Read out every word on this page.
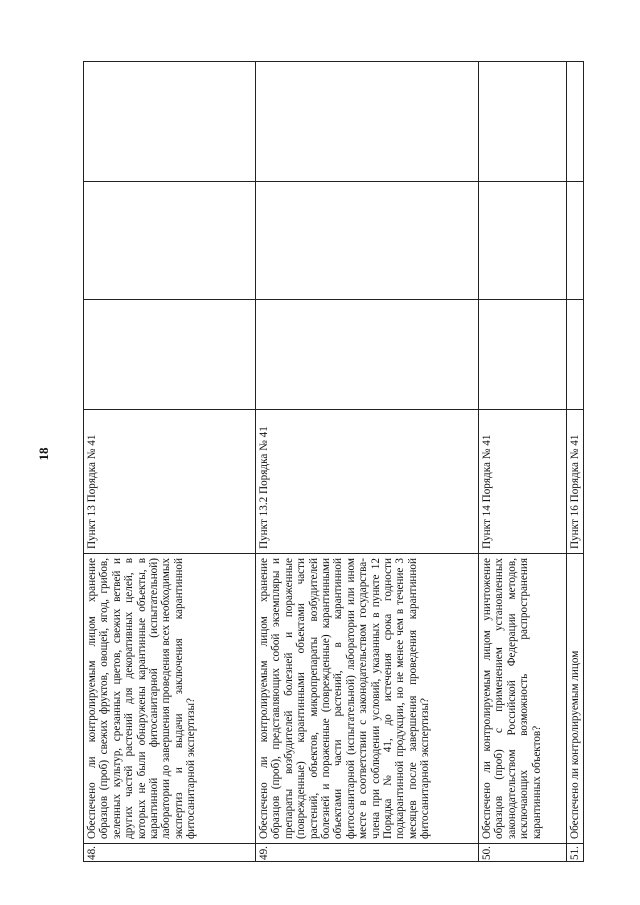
18
48.	Обеспечено ли контролируемым лицом хранение образцов (проб) свежих фруктов, овощей, ягод, грибов, зеленных культур, срезанных цветов, свежих ветвей и других частей растений для декоративных целей, в которых не были обнаружены карантинные объекты, в карантинной фитосанитарной (испытательной) лаборатории до завершения проведения всех необходимых экспертиз и выдачи заключения карантинной фитосанитарной экспертизы?	Пункт 13 Порядка № 41			
49.	Обеспечено ли контролируемым лицом хранение образцов (проб), представляющих собой экземпляры и препараты возбудителей болезней и пораженные (поврежденные) карантинными объектами части растений, объектов, микропрепараты возбудителей болезней и пораженные (поврежденные) карантинными объектами части растений, в карантинной фитосанитарной (испытательной) лаборатории или ином месте в соответствии с законодательством государства-члена при соблюдении условий, указанных в пункте 12 Порядка № 41, до истечения срока годности подкарантинной продукции, но не менее чем в течение 3 месяцев после завершения проведения карантинной фитосанитарной экспертизы?	Пункт 13.2 Порядка № 41			
50.	Обеспечено ли контролируемым лицом уничтожение образцов (проб) с применением установленных законодательством Российской Федерации методов, исключающих возможность распространения карантинных объектов?	Пункт 14 Порядка № 41			
51.	Обеспечено ли контролируемым лицом	Пункт 16 Порядка № 41			
